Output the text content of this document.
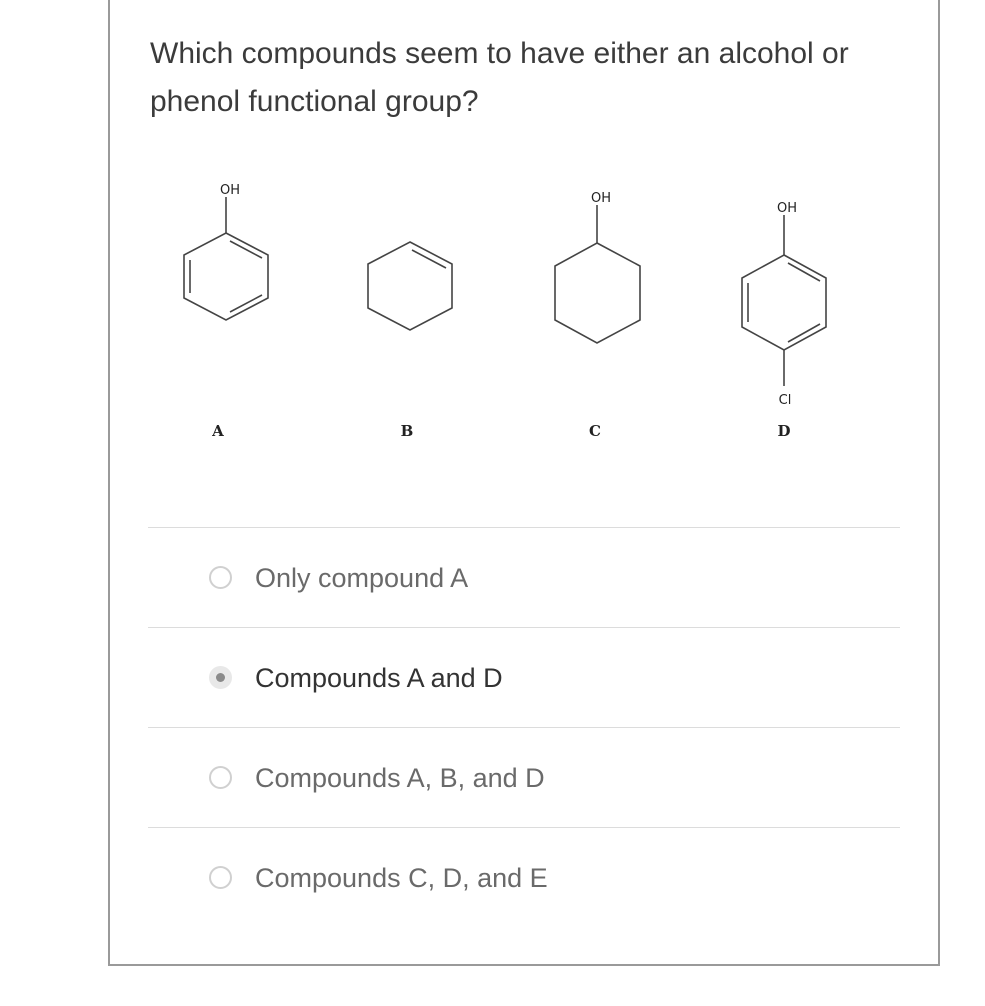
Which compounds seem to have either an alcohol or phenol functional group?
OH
OH
OH
Cl
A	B	C	D
Only compound A
Compounds A and D
Compounds A, B, and D
Compounds C, D, and E
